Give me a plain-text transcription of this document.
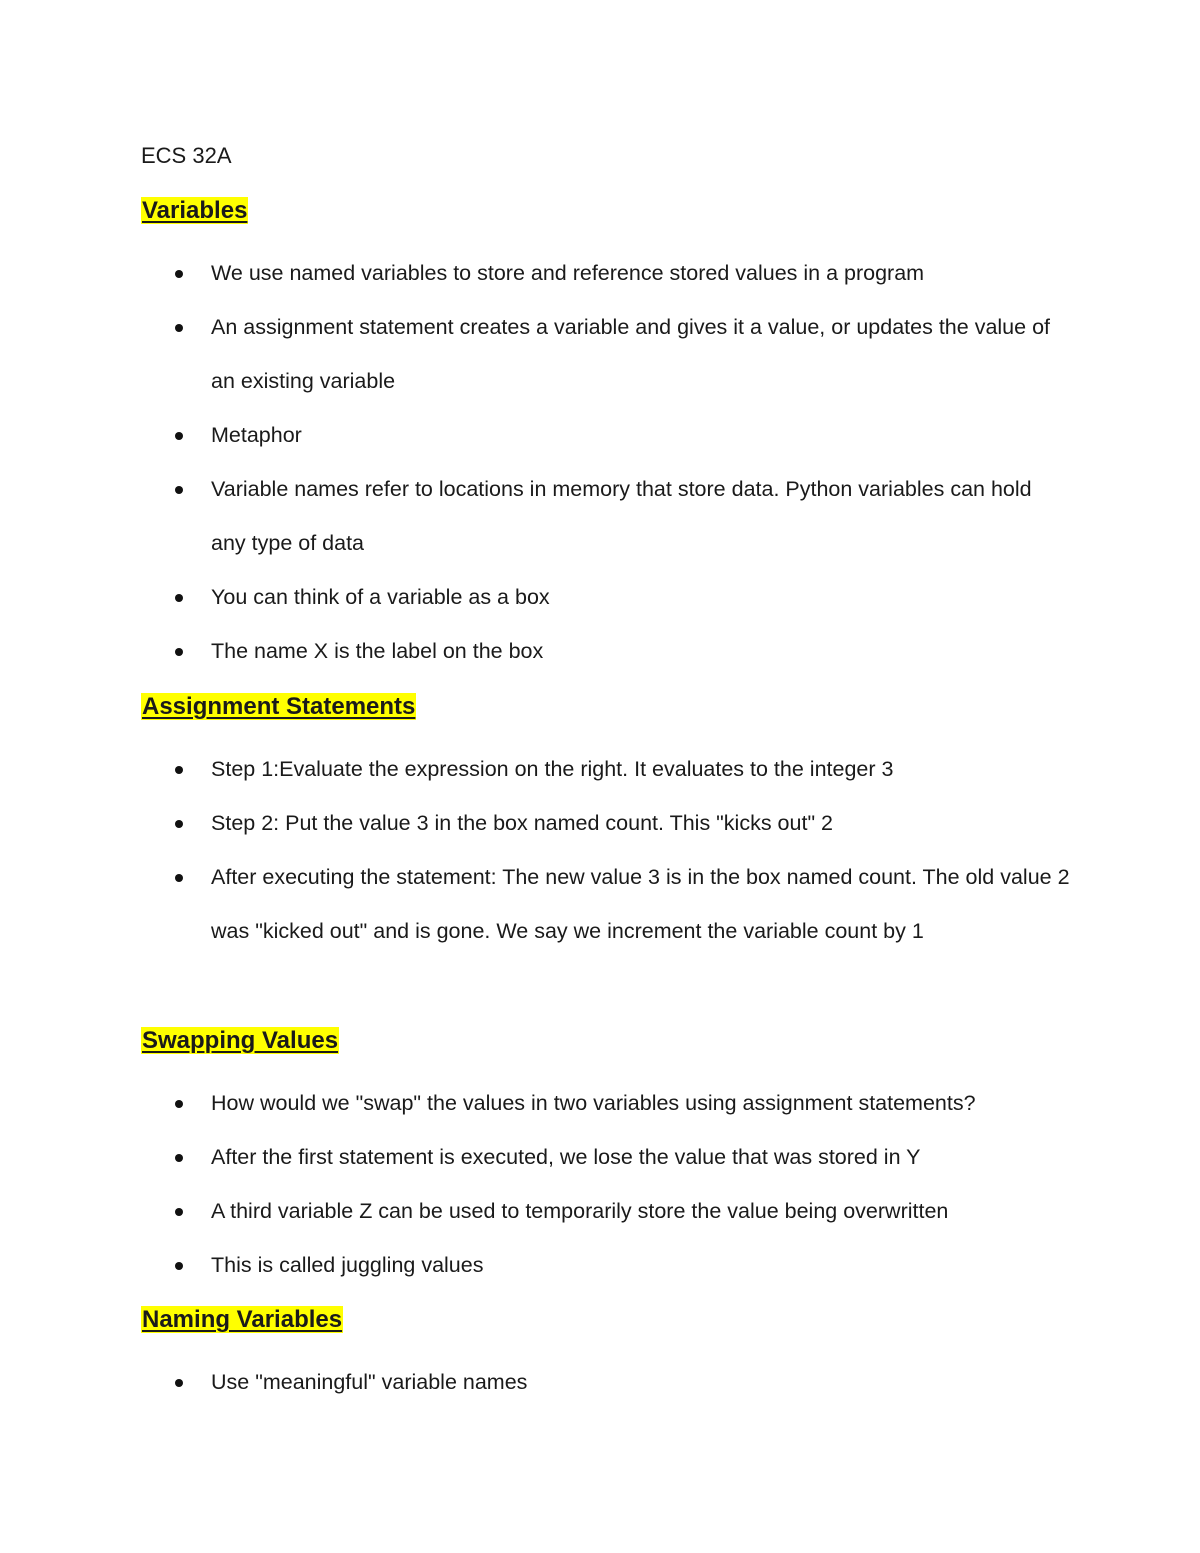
ECS 32A
Variables
We use named variables to store and reference stored values in a program
An assignment statement creates a variable and gives it a value, or updates the value of an existing variable
Metaphor
Variable names refer to locations in memory that store data. Python variables can hold any type of data
You can think of a variable as a box
The name X is the label on the box
Assignment Statements
Step 1:Evaluate the expression on the right. It evaluates to the integer 3
Step 2: Put the value 3 in the box named count. This "kicks out" 2
After executing the statement: The new value 3 is in the box named count. The old value 2 was "kicked out" and is gone. We say we increment the variable count by 1
Swapping Values
How would we "swap" the values in two variables using assignment statements?
After the first statement is executed, we lose the value that was stored in Y
A third variable Z can be used to temporarily store the value being overwritten
This is called juggling values
Naming Variables
Use "meaningful" variable names
